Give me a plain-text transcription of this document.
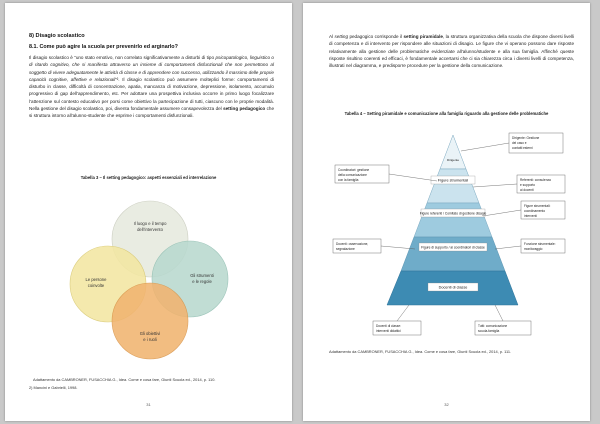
8) Disagio scolastico

8.1. Come può agire la scuola per prevenirlo ed arginarlo?

Il disagio scolastico è “uno stato emotivo, non correlato significativamente a disturbi di tipo psicopatologico, linguistico o di ritardo cognitivo, che si manifesta attraverso un insieme di comportamenti disfunzionali che non permettono al soggetto di vivere adeguatamente le attività di classe e di apprendere con successo, utilizzando il massimo delle proprie capacità cognitive, affettive e relazionali”². Il disagio scolastico può assumere molteplici forme: comportamenti di disturbo in classe, difficoltà di concentrazione, apatia, mancanza di motivazione, depressione, isolamento, accumulo progressivo di gap dell’apprendimento, etc. Per adottare una prospettiva inclusiva occorre in primo luogo focalizzare l’attenzione sul contesto educativo per porsi come obiettivo la partecipazione di tutti, ciascuno con le proprie modalità. Nella gestione del disagio scolastico, poi, diventa fondamentale assumere consapevolezza del setting pedagogico che si struttura intorno all’alunno-studente che esprime i comportamenti disfunzionali.

Tabella 3 – Il setting pedagogico: aspetti essenziali ed interrelazione

Il luogo e il tempo
dell’intervento
Le persone
coinvolte
Gli strumenti
e le regole
Gli obiettivi
e i ruoli

Adattamento da CAMBRONER, FUSACCHIA G., Idea. Come e cosa fare, Giunti Scuola ed., 2014, p. 110.

2) Mancini e Gabrielli, 1998.

31

Al setting pedagogico corrisponde il setting piramidale, la struttura organizzativa della scuola che dispone diversi livelli di competenza e di intervento per rispondere alle situazioni di disagio. Le figure che vi operano possono dare risposte relativamente alla gestione delle problematiche evidenziate all’alunno/studente e alla sua famiglia. Affinché queste risposte risultino coerenti ed efficaci, è fondamentale accertarsi che ci sia chiarezza circa i diversi livelli di competenza, illustrati nel diagramma, e predisporre procedure per la gestione della comunicazione.

Tabella 4 – Setting piramidale e comunicazione alla famiglia riguardo alla gestione delle problematiche

Figure strumentali
Figure referenti / Comitato di gestione disagio
Figure di supporto / ai coordinatori di classe
Docenti di classe
Dirigente
Dirigente: Gestione
del caso e
contatti esterni
Coordinatori: gestione
della comunicazione
con la famiglia	Referenti: consulenza
e supporto
ai docenti
Figure strumentali:
coordinamento
interventi
Docenti: osservazione,
segnalazione
Funzione strumentale:
monitoraggio
Docenti di classe:
interventi didattici
Tutti: comunicazione
scuola-famiglia

Adattamento da CAMBRONER, FUSACCHIA G., Idea. Come e cosa fare, Giunti Scuola ed., 2014, p. 111.

32
